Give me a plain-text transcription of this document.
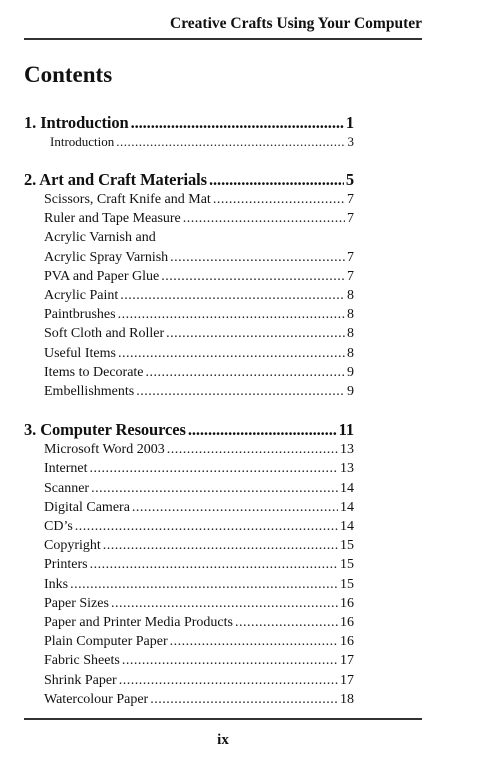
Creative Crafts Using Your Computer
Contents
1. Introduction .....	1
Introduction .....	3
2. Art and Craft Materials .....	5
Scissors, Craft Knife and Mat .....	7
Ruler and Tape Measure .....	7
Acrylic Varnish and
Acrylic Spray Varnish .....	7
PVA and Paper Glue .....	7
Acrylic Paint .....	8
Paintbrushes .....	8
Soft Cloth and Roller .....	8
Useful Items .....	8
Items to Decorate .....	9
Embellishments .....	9
3. Computer Resources .....	11
Microsoft Word 2003 .....	13
Internet .....	13
Scanner .....	14
Digital Camera .....	14
CD’s .....	14
Copyright .....	15
Printers .....	15
Inks .....	15
Paper Sizes .....	16
Paper and Printer Media Products .....	16
Plain Computer Paper .....	16
Fabric Sheets .....	17
Shrink Paper .....	17
Watercolour Paper .....	18
ix
